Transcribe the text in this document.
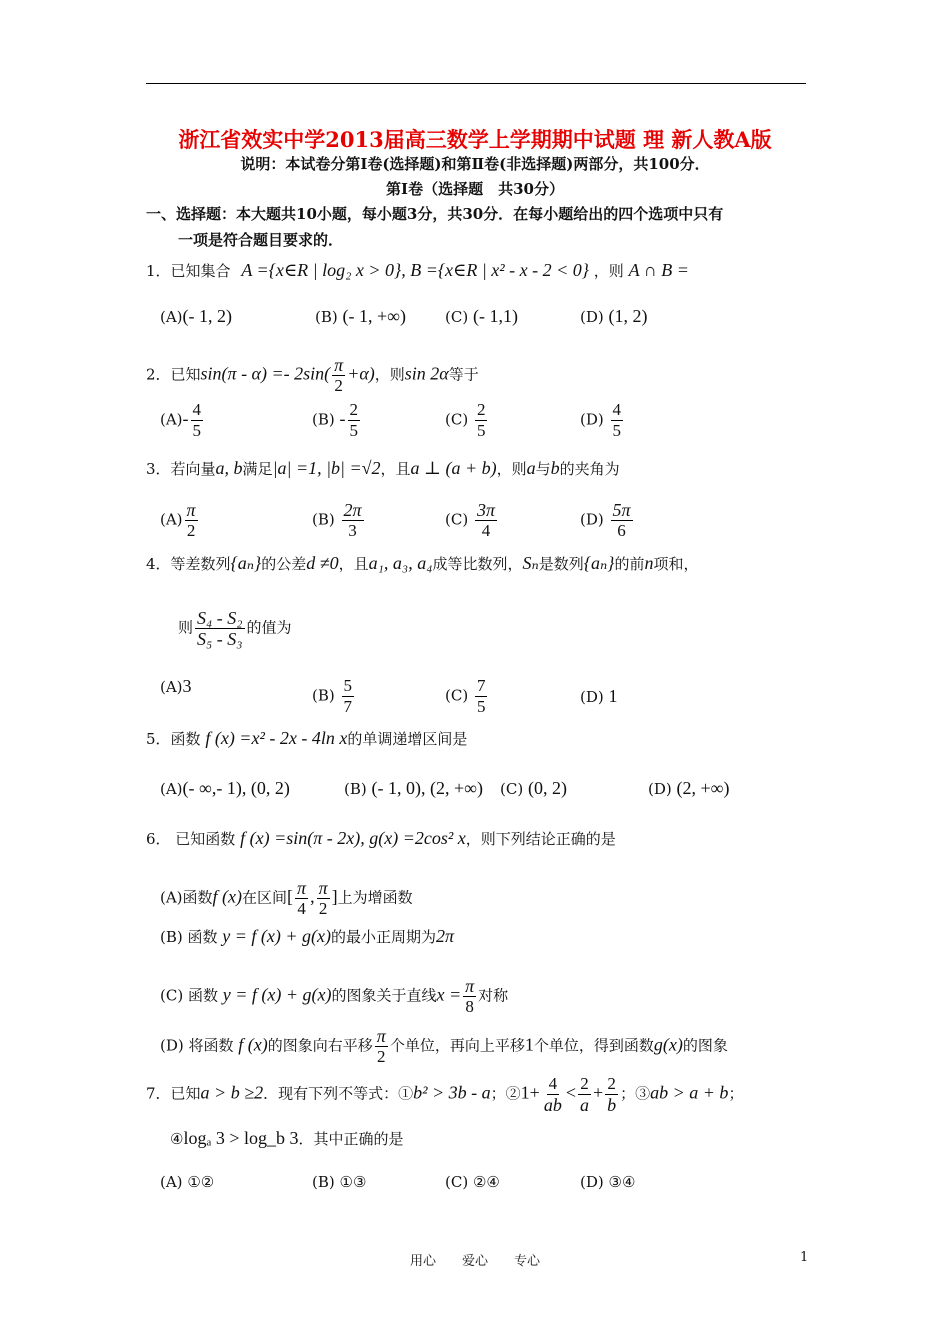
浙江省效实中学2013届高三数学上学期期中试题 理 新人教A版
说明：本试卷分第Ⅰ卷(选择题)和第Ⅱ卷(非选择题)两部分，共100分．
第Ⅰ卷（选择题　共30分）
一、选择题：本大题共10小题，每小题3分，共30分．在每小题给出的四个选项中只有
一项是符合题目要求的．
1．已知集合 A ={x∈R | log₂ x > 0}, B ={x∈R | x² - x - 2 < 0} ，则 A ∩ B =
(A)(- 1, 2)	(B) (- 1, +∞)	(C) (- 1,1)	(D) (1, 2)
2．已知$\sin(\pi - \alpha) =- 2\sin( \frac{\pi}{2} +\alpha)$，则sin 2α等于
$(A)- \frac{4}{5}$	$(B) - \frac{2}{5}$	$(C) \frac{2}{5}$	$(D) \frac{4}{5}$
3．若向量a, b满足|a| =1, |b| =√2，且a ⊥ (a + b)，则a与b的夹角为
$(A) \frac{\pi}{2}$	$(B) \frac{2\pi}{3}$	$(C) \frac{3\pi}{4}$	$(D) \frac{5\pi}{6}$
4．等差数列{aₙ}的公差d ≠0，且a₁, a₃, a₄成等比数列，Sₙ是数列{aₙ}的前n项和，
则 $\frac{\text{S₄ - S₂}}{\text{S₅ - S₃}}$ 的值为
(A)3	$(B) \frac{5}{7}$	$(C) \frac{7}{5}$	(D) 1
5．函数 f (x) =x² - 2x - 4ln x的单调递增区间是
(A)(- ∞,- 1), (0, 2)	(B) (- 1, 0), (2, +∞) (C) (0, 2)	(D) (2, +∞)
6． 已知函数 f (x) =sin(π - 2x), g(x) =2cos² x，则下列结论正确的是
(A)函数f (x)在区间[ $\frac{\pi}{4}$ , $\frac{\pi}{2}$ ]上为增函数
(B) 函数 y = f (x) + g(x)的最小正周期为2π
(C) 函数 y = f (x) + g(x)的图象关于直线$x = \frac{\pi}{8}$ 对称
(D) 将函数 f (x)的图象向右平移 $\frac{\pi}{2}$ 个单位，再向上平移1个单位，得到函数g(x)的图象
7．已知a > b ≥2．现有下列不等式：①b² > 3b - a；②1+ $\frac{4}{ab} < \frac{2}{a} + \frac{2}{b}$ ；③ab > a + b；
④logₐ 3 > log_b 3．其中正确的是
(A) ①②	(B) ①③	(C) ②④	(D) ③④
用心　　爱心　　专心	1
